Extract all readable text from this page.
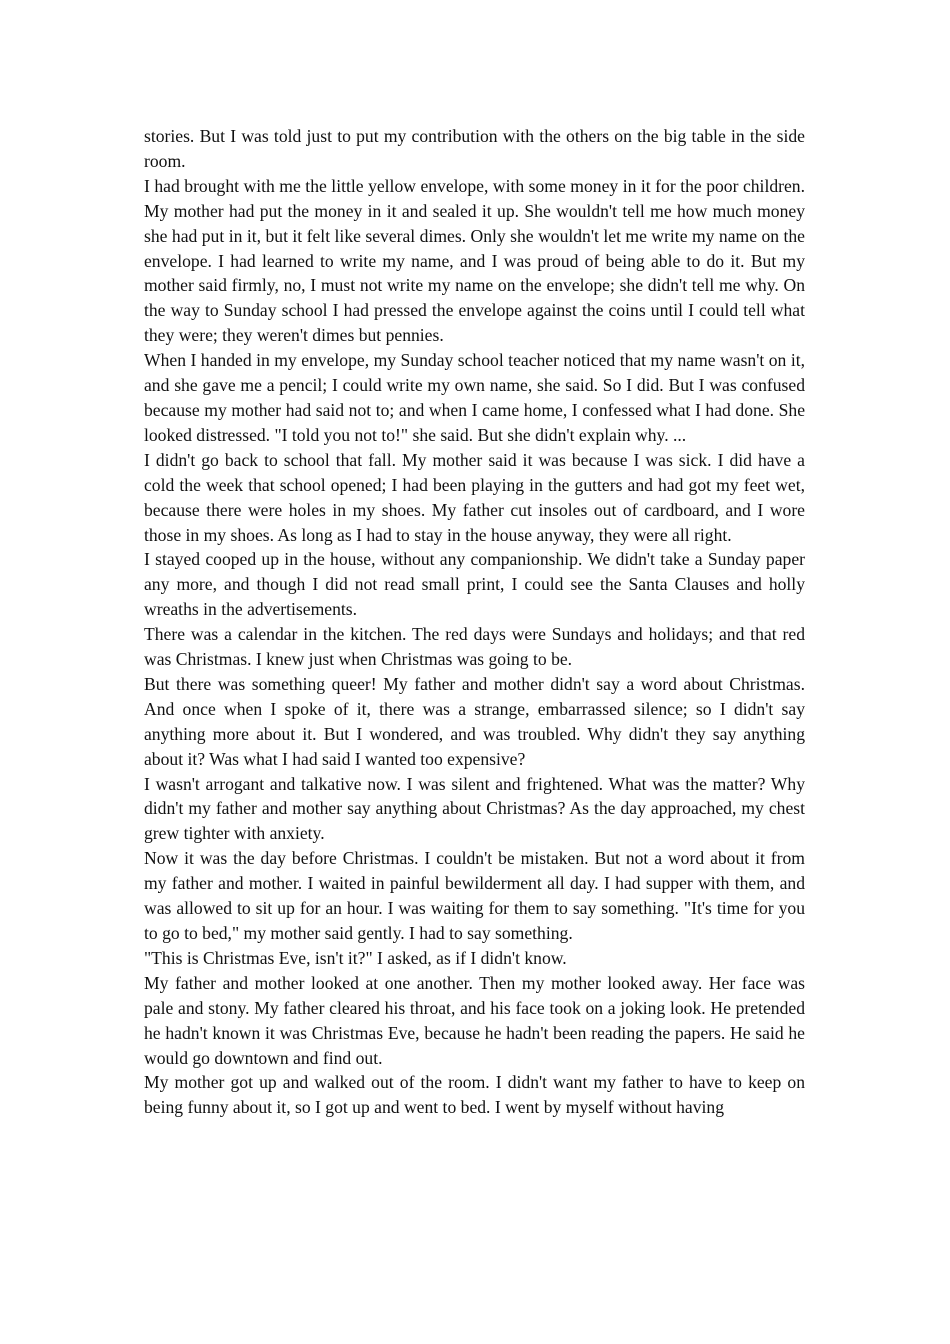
stories. But I was told just to put my contribution with the others on the big table in the side room.

I had brought with me the little yellow envelope, with some money in it for the poor children. My mother had put the money in it and sealed it up. She wouldn't tell me how much money she had put in it, but it felt like several dimes. Only she wouldn't let me write my name on the envelope. I had learned to write my name, and I was proud of being able to do it. But my mother said firmly, no, I must not write my name on the envelope; she didn't tell me why. On the way to Sunday school I had pressed the envelope against the coins until I could tell what they were; they weren't dimes but pennies.

When I handed in my envelope, my Sunday school teacher noticed that my name wasn't on it, and she gave me a pencil; I could write my own name, she said. So I did. But I was confused because my mother had said not to; and when I came home, I confessed what I had done. She looked distressed. "I told you not to!" she said. But she didn't explain why. ...

I didn't go back to school that fall. My mother said it was because I was sick. I did have a cold the week that school opened; I had been playing in the gutters and had got my feet wet, because there were holes in my shoes. My father cut insoles out of cardboard, and I wore those in my shoes. As long as I had to stay in the house anyway, they were all right.

I stayed cooped up in the house, without any companionship. We didn't take a Sunday paper any more, and though I did not read small print, I could see the Santa Clauses and holly wreaths in the advertisements.

There was a calendar in the kitchen. The red days were Sundays and holidays; and that red was Christmas. I knew just when Christmas was going to be.

But there was something queer! My father and mother didn't say a word about Christmas. And once when I spoke of it, there was a strange, embarrassed silence; so I didn't say anything more about it. But I wondered, and was troubled. Why didn't they say anything about it? Was what I had said I wanted too expensive?

I wasn't arrogant and talkative now. I was silent and frightened. What was the matter? Why didn't my father and mother say anything about Christmas? As the day approached, my chest grew tighter with anxiety.

Now it was the day before Christmas. I couldn't be mistaken. But not a word about it from my father and mother. I waited in painful bewilderment all day. I had supper with them, and was allowed to sit up for an hour. I was waiting for them to say something. "It's time for you to go to bed," my mother said gently. I had to say something.

"This is Christmas Eve, isn't it?" I asked, as if I didn't know.

My father and mother looked at one another. Then my mother looked away. Her face was pale and stony. My father cleared his throat, and his face took on a joking look. He pretended he hadn't known it was Christmas Eve, because he hadn't been reading the papers. He said he would go downtown and find out.

My mother got up and walked out of the room. I didn't want my father to have to keep on being funny about it, so I got up and went to bed. I went by myself without having
